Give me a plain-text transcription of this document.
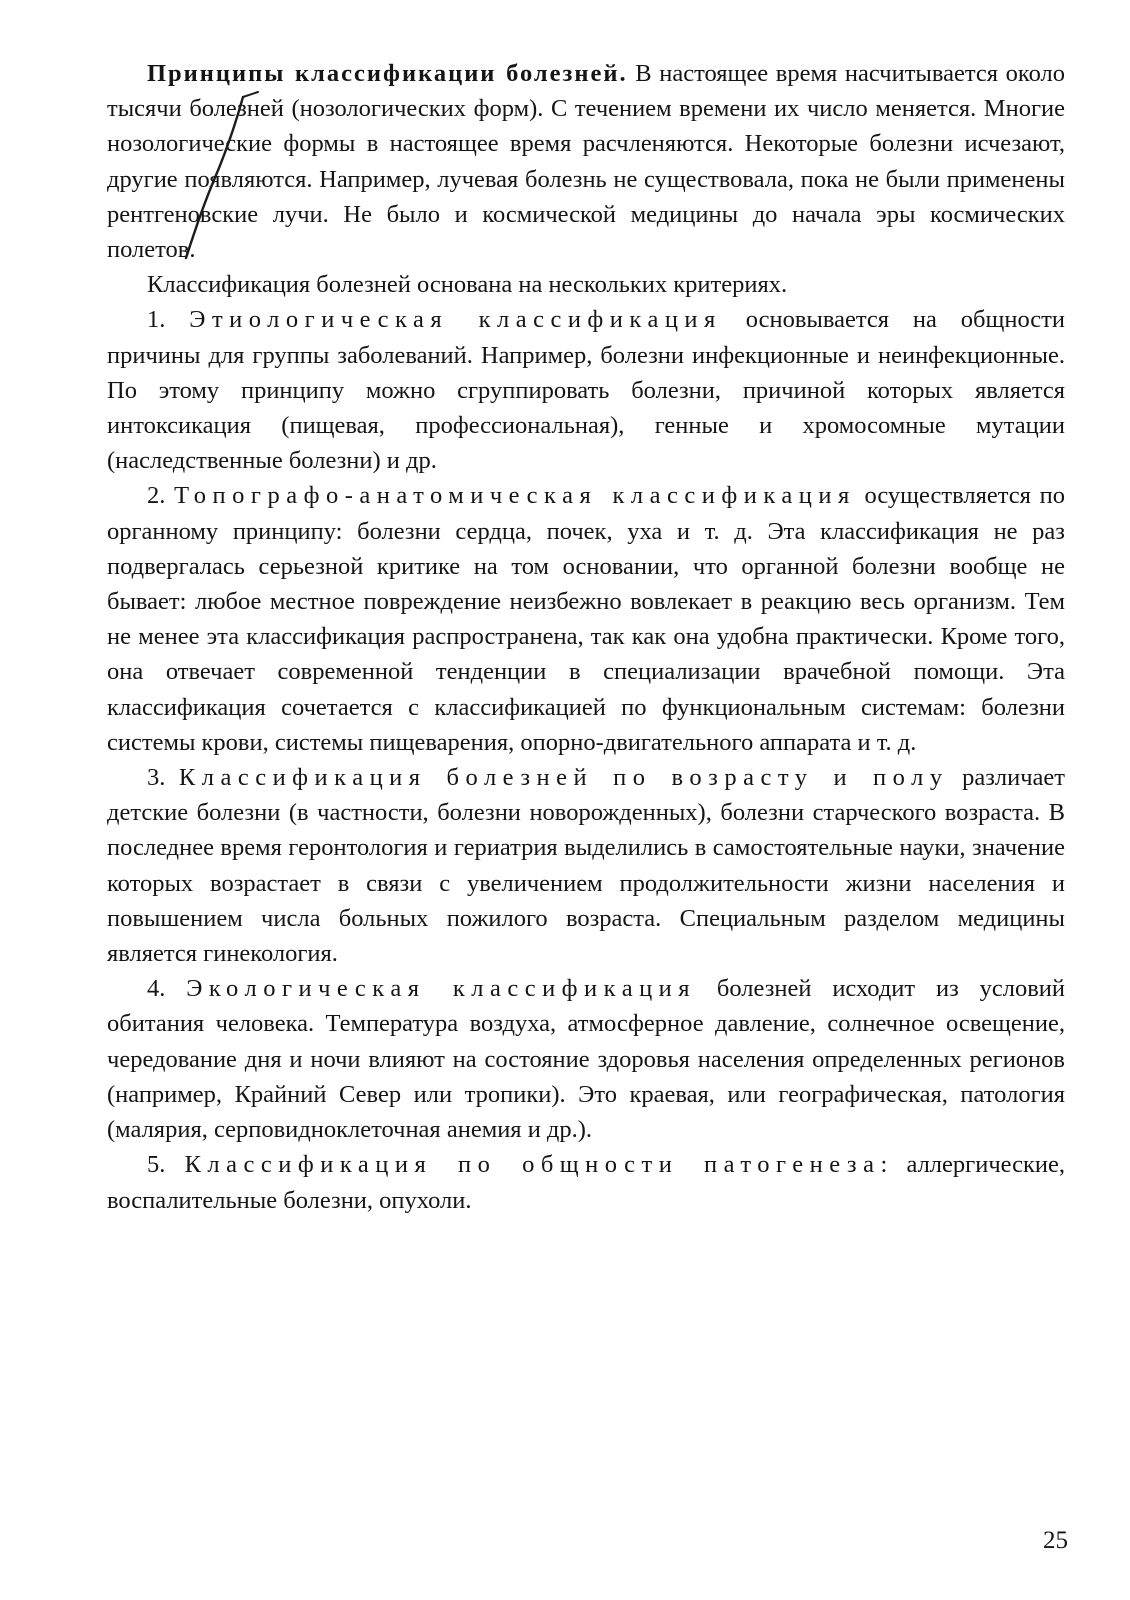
Принципы классификации болезней. В настоящее время насчитывается около тысячи болезней (нозологических форм). С течением времени их число меняется. Многие нозологические формы в настоящее время расчленяются. Некоторые болезни исчезают, другие появляются. Например, лучевая болезнь не существовала, пока не были применены рентгеновские лучи. Не было и космической медицины до начала эры космических полетов.

Классификация болезней основана на нескольких критериях.

1. Этиологическая классификация основывается на общности причины для группы заболеваний. Например, болезни инфекционные и неинфекционные. По этому принципу можно сгруппировать болезни, причиной которых является интоксикация (пищевая, профессиональная), генные и хромосомные мутации (наследственные болезни) и др.

2. Топографо-анатомическая классификация осуществляется по органному принципу: болезни сердца, почек, уха и т. д. Эта классификация не раз подвергалась серьезной критике на том основании, что органной болезни вообще не бывает: любое местное повреждение неизбежно вовлекает в реакцию весь организм. Тем не менее эта классификация распространена, так как она удобна практически. Кроме того, она отвечает современной тенденции в специализации врачебной помощи. Эта классификация сочетается с классификацией по функциональным системам: болезни системы крови, системы пищеварения, опорно-двигательного аппарата и т. д.

3. Классификация болезней по возрасту и полу различает детские болезни (в частности, болезни новорожденных), болезни старческого возраста. В последнее время геронтология и гериатрия выделились в самостоятельные науки, значение которых возрастает в связи с увеличением продолжительности жизни населения и повышением числа больных пожилого возраста. Специальным разделом медицины является гинекология.

4. Экологическая классификация болезней исходит из условий обитания человека. Температура воздуха, атмосферное давление, солнечное освещение, чередование дня и ночи влияют на состояние здоровья населения определенных регионов (например, Крайний Север или тропики). Это краевая, или географическая, патология (малярия, серповидноклеточная анемия и др.).

5. Классификация по общности патогенеза: аллергические, воспалительные болезни, опухоли.

25
